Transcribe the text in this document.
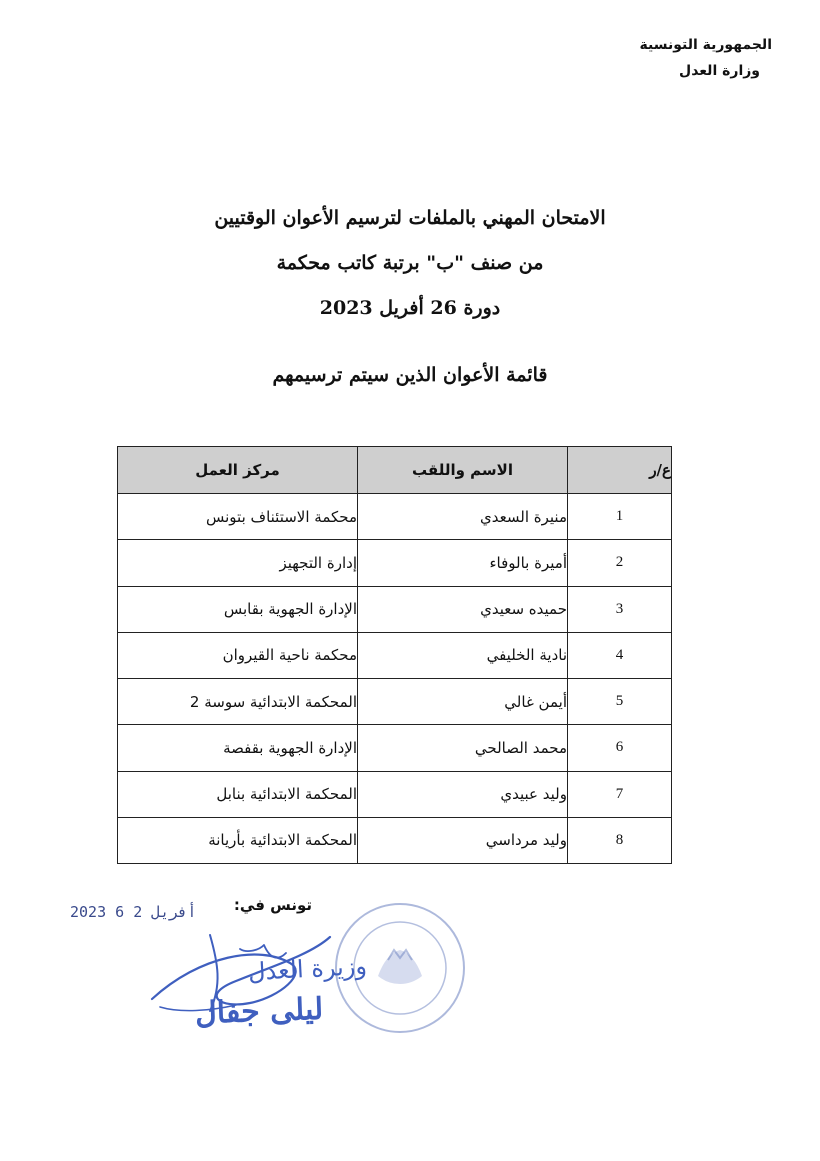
الجمهورية التونسية
وزارة العدل
الامتحان المهني بالملفات لترسيم الأعوان الوقتيين
من صنف "ب" برتبة كاتب محكمة
دورة 26 أفريل 2023
قائمة الأعوان الذين سيتم ترسيمهم
ع/ر	الاسم واللقب	مركز العمل
1	منيرة السعدي	محكمة الاستئناف بتونس
2	أميرة بالوفاء	إدارة التجهيز
3	حميده سعيدي	الإدارة الجهوية بقابس
4	نادية الخليفي	محكمة ناحية القيروان
5	أيمن غالي	المحكمة الابتدائية سوسة 2
6	محمد الصالحي	الإدارة الجهوية بقفصة
7	وليد عبيدي	المحكمة الابتدائية بنابل
8	وليد مرداسي	المحكمة الابتدائية بأريانة
تونس في:
2023 أفريل 2 6
وزيرة العدل
ليلى جفال
